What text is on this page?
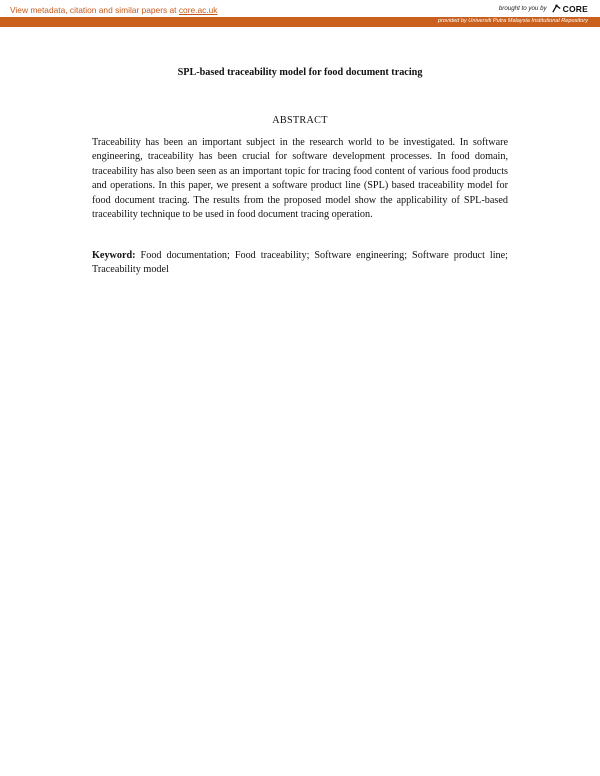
View metadata, citation and similar papers at core.ac.uk	brought to you by CORE
provided by Universiti Putra Malaysia Institutional Repository
SPL-based traceability model for food document tracing
ABSTRACT
Traceability has been an important subject in the research world to be investigated. In software engineering, traceability has been crucial for software development processes. In food domain, traceability has also been seen as an important topic for tracing food content of various food products and operations. In this paper, we present a software product line (SPL) based traceability model for food document tracing. The results from the proposed model show the applicability of SPL-based traceability technique to be used in food document tracing operation.
Keyword: Food documentation; Food traceability; Software engineering; Software product line; Traceability model
